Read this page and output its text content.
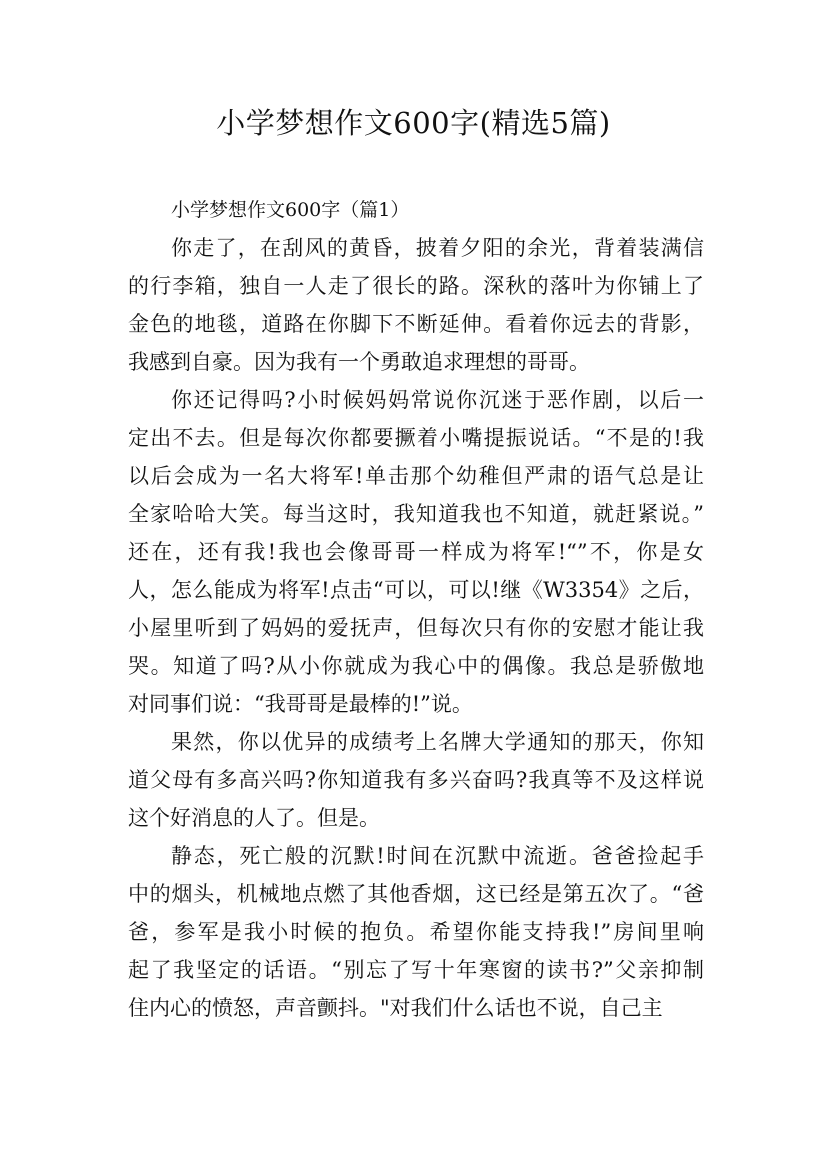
小学梦想作文600字(精选5篇)

小学梦想作文600字（篇1）

你走了，在刮风的黄昏，披着夕阳的余光，背着装满信
的行李箱，独自一人走了很长的路。深秋的落叶为你铺上了
金色的地毯，道路在你脚下不断延伸。看着你远去的背影，
我感到自豪。因为我有一个勇敢追求理想的哥哥。
你还记得吗?小时候妈妈常说你沉迷于恶作剧，以后一
定出不去。但是每次你都要撅着小嘴提振说话。“不是的!我
以后会成为一名大将军!单击那个幼稚但严肃的语气总是让
全家哈哈大笑。每当这时，我知道我也不知道，就赶紧说。”
还在，还有我!我也会像哥哥一样成为将军!“”不，你是女
人，怎么能成为将军!点击“可以，可以!继《W3354》之后，
小屋里听到了妈妈的爱抚声，但每次只有你的安慰才能让我
哭。知道了吗?从小你就成为我心中的偶像。我总是骄傲地
对同事们说：“我哥哥是最棒的!”说。
果然，你以优异的成绩考上名牌大学通知的那天，你知
道父母有多高兴吗?你知道我有多兴奋吗?我真等不及这样说
这个好消息的人了。但是。
静态，死亡般的沉默!时间在沉默中流逝。爸爸捡起手
中的烟头，机械地点燃了其他香烟，这已经是第五次了。“爸
爸，参军是我小时候的抱负。希望你能支持我!”房间里响
起了我坚定的话语。“别忘了写十年寒窗的读书?”父亲抑制
住内心的愤怒，声音颤抖。"对我们什么话也不说，自己主
